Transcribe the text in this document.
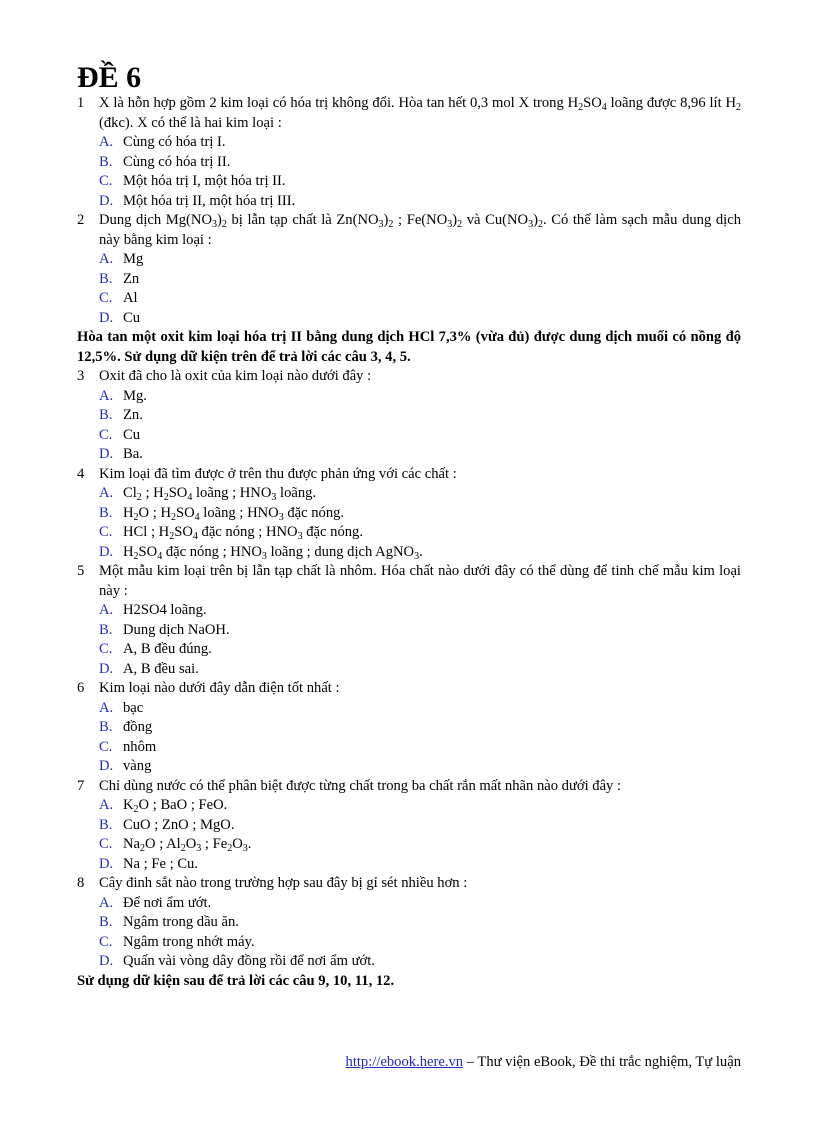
ĐỀ 6
1	X là hỗn hợp gồm 2 kim loại có hóa trị không đổi. Hòa tan hết 0,3 mol X trong $H_2SO_4$ loãng được 8,96 lít $H_2$ (đkc). X có thể là hai kim loại :
A. Cùng có hóa trị I.
B. Cùng có hóa trị II.
C. Một hóa trị I, một hóa trị II.
D. Một hóa trị II, một hóa trị III.
2	Dung dịch $Mg(NO_3)_2$ bị lẫn tạp chất là $Zn(NO_3)_2$ ; $Fe(NO_3)_2$ và $Cu(NO_3)_2$. Có thể làm sạch mẫu dung dịch này bằng kim loại :
A. Mg
B. Zn
C. Al
D. Cu
Hòa tan một oxit kim loại hóa trị II bằng dung dịch HCl 7,3% (vừa đủ) được dung dịch muối có nồng độ 12,5%. Sử dụng dữ kiện trên để trả lời các câu 3, 4, 5.
3	Oxit đã cho là oxit của kim loại nào dưới đây :
A. Mg.
B. Zn.
C. Cu
D. Ba.
4	Kim loại đã tìm được ở trên thu được phản ứng với các chất :
A. $Cl_2$ ; $H_2SO_4$ loãng ; $HNO_3$ loãng.
B. $H_2O$ ; $H_2SO_4$ loãng ; $HNO_3$ đặc nóng.
C. HCl ; $H_2SO_4$ đặc nóng ; $HNO_3$ đặc nóng.
D. $H_2SO_4$ đặc nóng ; $HNO_3$ loãng ; dung dịch AgNO$_3$.
5	Một mẫu kim loại trên bị lẫn tạp chất là nhôm. Hóa chất nào dưới đây có thể dùng để tinh chế mẫu kim loại này :
A. H2SO4 loãng.
B. Dung dịch NaOH.
C. A, B đều đúng.
D. A, B đều sai.
6	Kim loại nào dưới đây dẫn điện tốt nhất :
A. bạc
B. đồng
C. nhôm
D. vàng
7	Chỉ dùng nước có thể phân biệt được từng chất trong ba chất rắn mất nhãn nào dưới đây :
A. $K_2O$ ; BaO ; FeO.
B. CuO ; ZnO ; MgO.
C. $Na_2O$ ; $Al_2O_3$ ; $Fe_2O_3$.
D. Na ; Fe ; Cu.
8	Cây đinh sắt nào trong trường hợp sau đây bị gỉ sét nhiều hơn :
A. Để nơi ẩm ướt.
B. Ngâm trong dầu ăn.
C. Ngâm trong nhớt máy.
D. Quấn vài vòng dây đồng rồi để nơi ẩm ướt.
Sử dụng dữ kiện sau để trả lời các câu 9, 10, 11, 12.
http://ebook.here.vn – Thư viện eBook, Đề thi trắc nghiệm, Tự luận
